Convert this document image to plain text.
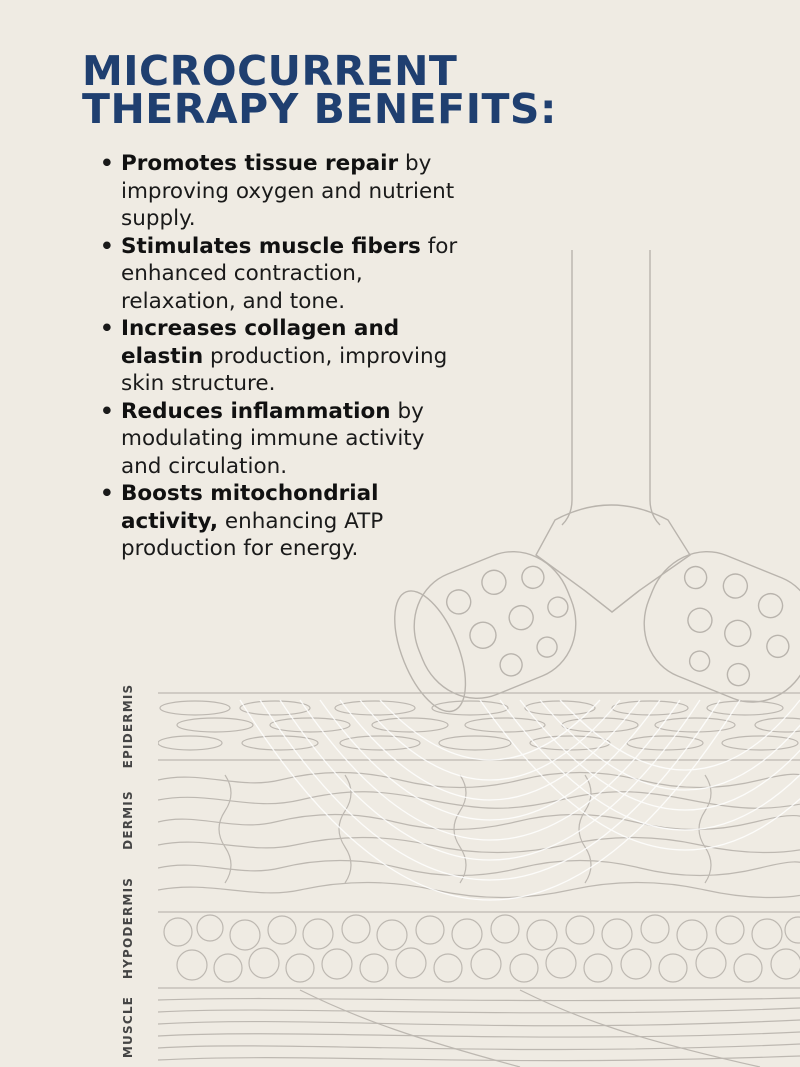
MICROCURRENT
THERAPY BENEFITS:
• Promotes tissue repair by improving oxygen and nutrient supply.
• Stimulates muscle fibers for enhanced contraction, relaxation, and tone.
• Increases collagen and elastin production, improving skin structure.
• Reduces inflammation by modulating immune activity and circulation.
• Boosts mitochondrial activity, enhancing ATP production for energy.
EPIDERMIS
DERMIS
HYPODERMIS
MUSCLE
